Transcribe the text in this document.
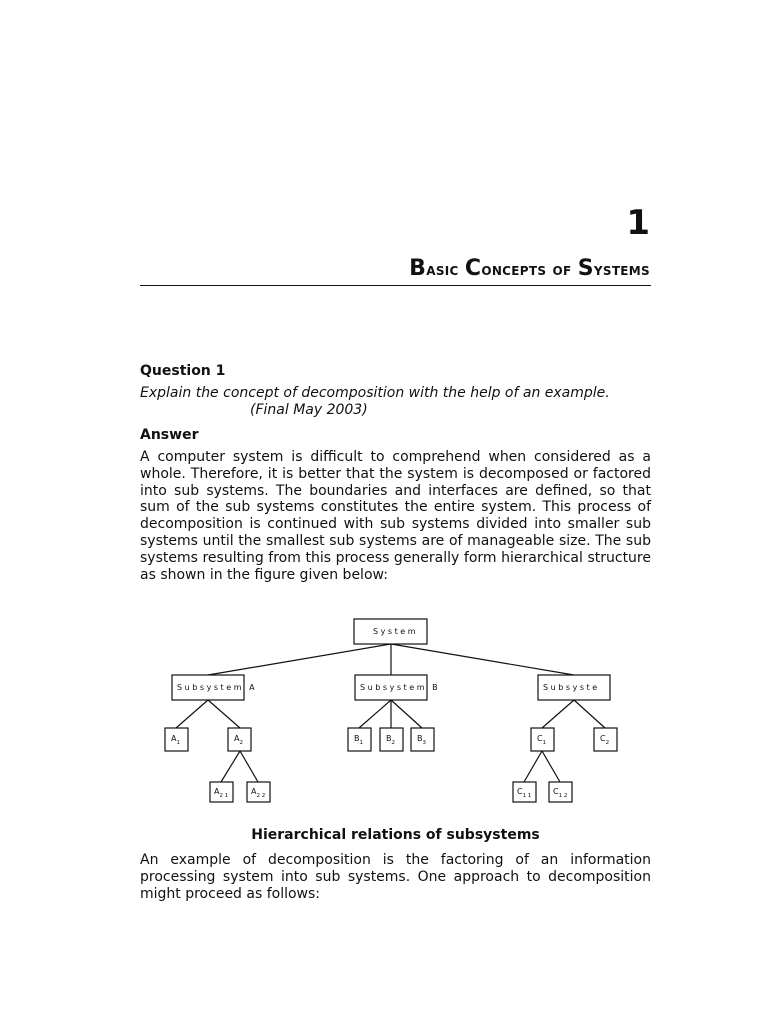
1
Basic Concepts of Systems
Question 1
Explain the concept of decomposition with the help of an example.
(Final May 2003)
Answer
A computer system is difficult to comprehend when considered as a whole. Therefore, it is better that the system is decomposed or factored into sub systems. The boundaries and interfaces are defined, so that sum of the sub systems constitutes the entire system. This process of decomposition is continued with sub systems divided into smaller sub systems until the smallest sub systems are of manageable size. The sub systems resulting from this process generally form hierarchical structure as shown in the figure given below:
S y s t e m
S u b s y s t e m   A	S u b s y s t e m   B	S u b s y s t e
$A_1$	$A_2$	$B_1$	$B_2$	$B_3$	$C_1$	$C_2$
$A_{2 1}$	$A_{2 2}$	$C_{1 1}$	$C_{1 2}$
Hierarchical relations of subsystems
An example of decomposition is the factoring of an information processing system into sub systems. One approach to decomposition might proceed as follows:
